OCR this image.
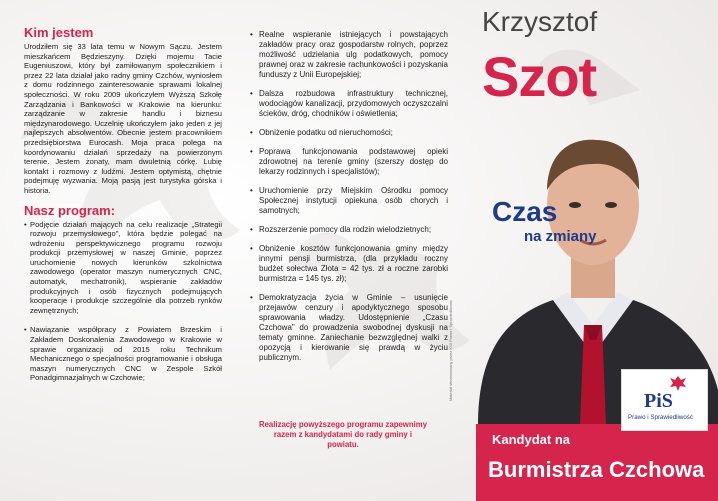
Kim jestem

Urodziłem się 33 lata temu w Nowym Sączu. Jestem mieszkańcem Będzieszyny. Dzięki mojemu Tacie Eugeniuszowi, który był zamiłowanym społecznikiem i przez 22 lata działał jako radny gminy Czchów, wyniosłem z domu rodzinnego zainteresowanie sprawami lokalnej społeczności. W roku 2009 ukończyłem Wyższą Szkołę Zarządzania i Bankowości w Krakowie na kierunku: zarządzanie w zakresie handlu i biznesu międzynarodowego. Uczelnię ukończyłem jako jeden z jej najlepszych absolwentów. Obecnie jestem pracownikiem przedsiębiorstwa Eurocash. Moja praca polega na koordynowaniu działań sprzedaży na powierzonym terenie. Jestem żonaty, mam dwuletnią córkę. Lubię kontakt i rozmowy z ludźmi. Jestem optymistą, chętnie podejmuję wyzwania. Moją pasją jest turystyka górska i historia.

Nasz program:
• Podjęcie działań mających na celu realizacje „Strategii rozwoju przemysłowego", która będzie polegać na wdrożeniu perspektywicznego programu rozwoju produkcji przemysłowej w naszej Gminie, poprzez uruchomienie nowych kierunków szkolnictwa zawodowego (operator maszyn numerycznych CNC, automatyk, mechatronik), wspieranie zakładów produkcyjnych i osób fizycznych podejmujących kooperacje i produkcje szczególnie dla potrzeb rynków zewnętrznych;
• Nawiązanie współpracy z Powiatem Brzeskim i Zakładem Doskonalenia Zawodowego w Krakowie w sprawie organizacji od 2015 roku Technikum Mechanicznego o specjalności programowanie i obsługa maszyn numerycznych CNC w Zespole Szkół Ponadgimnazjalnych w Czchowie;
• Realne wspieranie istniejących i powstających zakładów pracy oraz gospodarstw rolnych, poprzez możliwość udzielania ulg podatkowych, pomocy prawnej oraz w zakresie rachunkowości i pozyskania funduszy z Unii Europejskiej;
• Dalsza rozbudowa infrastruktury technicznej, wodociągów kanalizacji, przydomowych oczyszczalni ścieków, dróg, chodników i oświetlenia;
• Obniżenie podatku od nieruchomości;
• Poprawa funkcjonowania podstawowej opieki zdrowotnej na terenie gminy (szerszy dostęp do lekarzy rodzinnych i specjalistów);
• Uruchomienie przy Miejskim Ośrodku pomocy Społecznej instytucji opiekuna osób chorych i samotnych;
• Rozszerzenie pomocy dla rodzin wielodzietnych;
• Obniżenie kosztów funkcjonowania gminy między innymi pensji burmistrza, (dla przykładu roczny budżet sołectwa Złota = 42 tys. zł a roczne zarobki burmistrza = 145 tys. zł);
• Demokratyzacja życia w Gminie – usunięcie przejawów cenzury i apodyktycznego sposobu sprawowania władzy. Udostępnienie „Czasu Czchowa" do prowadzenia swobodnej dyskusji na tematy gminne. Zaniechanie bezwzględnej walki z opozycją i kierowanie się prawdą w życiu publicznym.
Realizację powyższego programu zapewnimy razem z kandydatami do rady gminy i powiatu.
Materiał sfinansowany przez KW Prawo i Sprawiedliwość
Krzysztof
Szot
Czas
na zmiany
Kandydat na
Burmistrza Czchowa
PiS
Prawo i Sprawiedliwość
